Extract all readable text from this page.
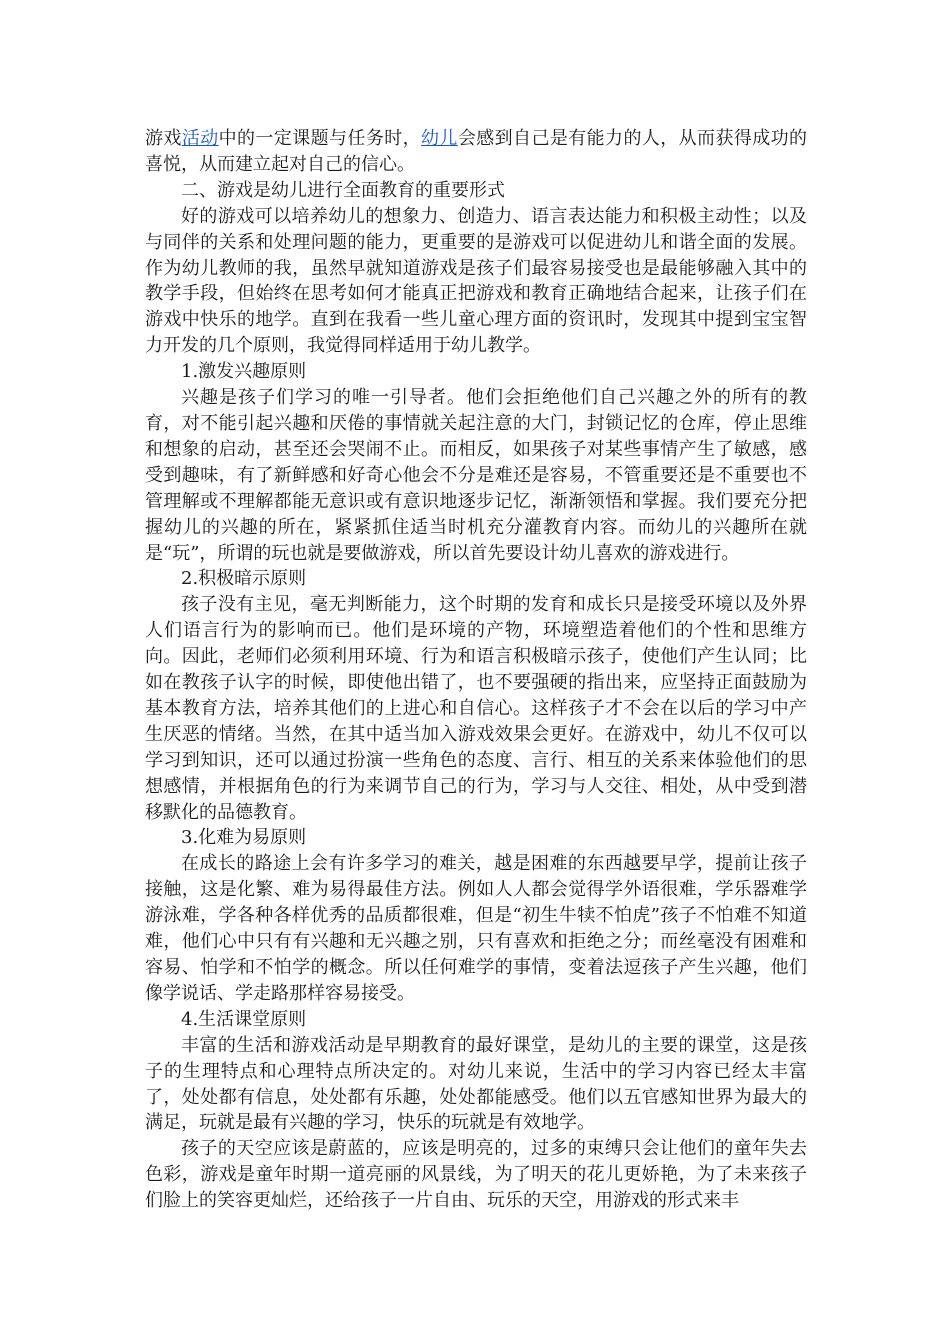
游戏活动中的一定课题与任务时，幼儿会感到自己是有能力的人，从而获得成功的喜悦，从而建立起对自己的信心。

二、游戏是幼儿进行全面教育的重要形式

好的游戏可以培养幼儿的想象力、创造力、语言表达能力和积极主动性；以及与同伴的关系和处理问题的能力，更重要的是游戏可以促进幼儿和谐全面的发展。作为幼儿教师的我，虽然早就知道游戏是孩子们最容易接受也是最能够融入其中的教学手段，但始终在思考如何才能真正把游戏和教育正确地结合起来，让孩子们在游戏中快乐的地学。直到在我看一些儿童心理方面的资讯时，发现其中提到宝宝智力开发的几个原则，我觉得同样适用于幼儿教学。

1.激发兴趣原则

兴趣是孩子们学习的唯一引导者。他们会拒绝他们自己兴趣之外的所有的教育，对不能引起兴趣和厌倦的事情就关起注意的大门，封锁记忆的仓库，停止思维和想象的启动，甚至还会哭闹不止。而相反，如果孩子对某些事情产生了敏感，感受到趣味，有了新鲜感和好奇心他会不分是难还是容易，不管重要还是不重要也不管理解或不理解都能无意识或有意识地逐步记忆，渐渐领悟和掌握。我们要充分把握幼儿的兴趣的所在，紧紧抓住适当时机充分灌教育内容。而幼儿的兴趣所在就是“玩”，所谓的玩也就是要做游戏，所以首先要设计幼儿喜欢的游戏进行。

2.积极暗示原则

孩子没有主见，毫无判断能力，这个时期的发育和成长只是接受环境以及外界人们语言行为的影响而已。他们是环境的产物，环境塑造着他们的个性和思维方向。因此，老师们必须利用环境、行为和语言积极暗示孩子，使他们产生认同；比如在教孩子认字的时候，即使他出错了，也不要强硬的指出来，应坚持正面鼓励为基本教育方法，培养其他们的上进心和自信心。这样孩子才不会在以后的学习中产生厌恶的情绪。当然，在其中适当加入游戏效果会更好。在游戏中，幼儿不仅可以学习到知识，还可以通过扮演一些角色的态度、言行、相互的关系来体验他们的思想感情，并根据角色的行为来调节自己的行为，学习与人交往、相处，从中受到潜移默化的品德教育。

3.化难为易原则

在成长的路途上会有许多学习的难关，越是困难的东西越要早学，提前让孩子接触，这是化繁、难为易得最佳方法。例如人人都会觉得学外语很难，学乐器难学游泳难，学各种各样优秀的品质都很难，但是“初生牛犊不怕虎”孩子不怕难不知道难，他们心中只有有兴趣和无兴趣之别，只有喜欢和拒绝之分；而丝毫没有困难和容易、怕学和不怕学的概念。所以任何难学的事情，变着法逗孩子产生兴趣，他们像学说话、学走路那样容易接受。

4.生活课堂原则

丰富的生活和游戏活动是早期教育的最好课堂，是幼儿的主要的课堂，这是孩子的生理特点和心理特点所决定的。对幼儿来说，生活中的学习内容已经太丰富了，处处都有信息，处处都有乐趣，处处都能感受。他们以五官感知世界为最大的满足，玩就是最有兴趣的学习，快乐的玩就是有效地学。

孩子的天空应该是蔚蓝的，应该是明亮的，过多的束缚只会让他们的童年失去色彩，游戏是童年时期一道亮丽的风景线，为了明天的花儿更娇艳，为了未来孩子们脸上的笑容更灿烂，还给孩子一片自由、玩乐的天空，用游戏的形式来丰
